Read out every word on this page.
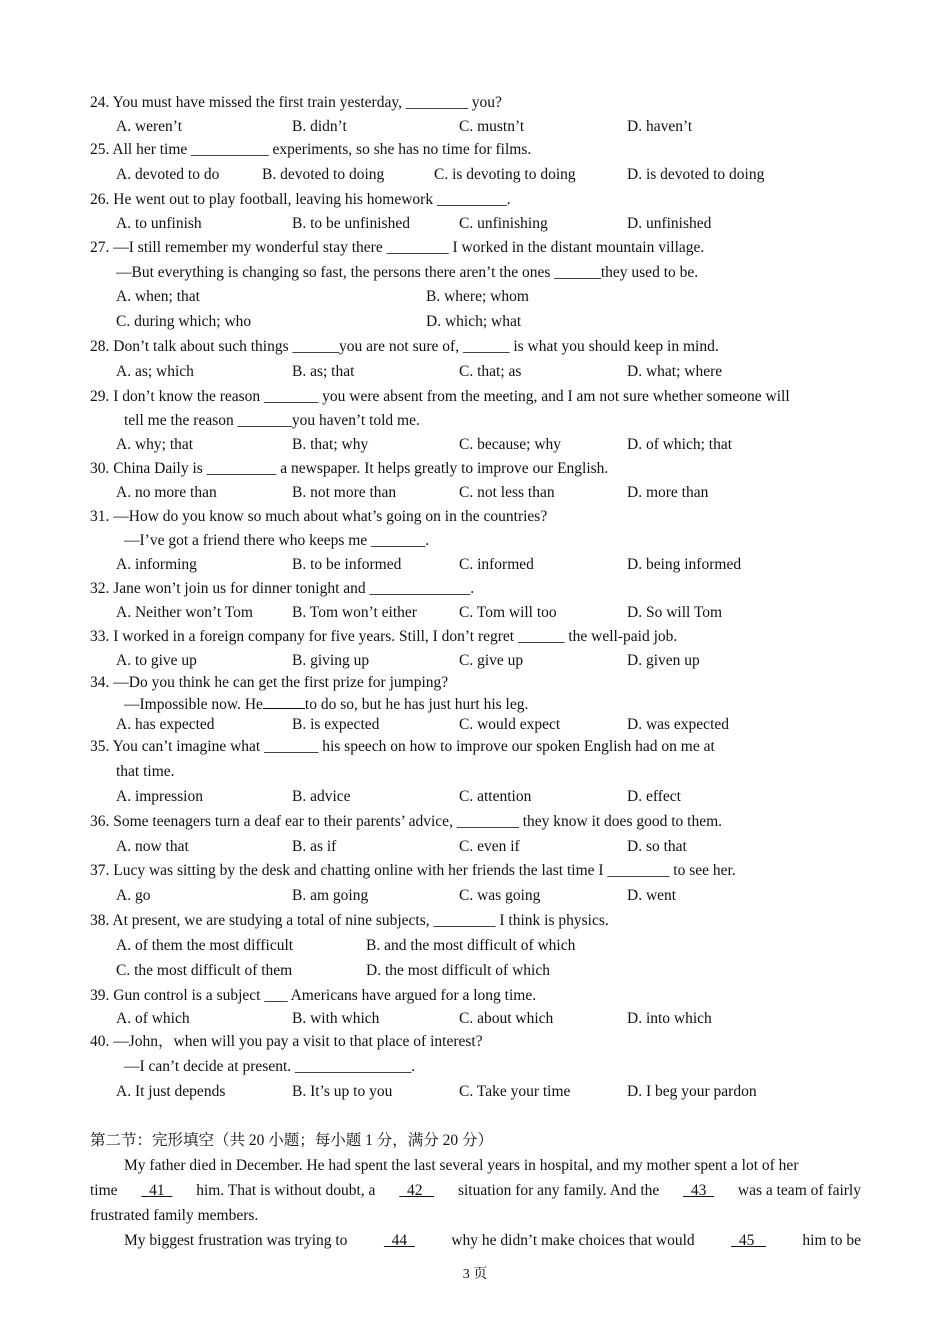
24. You must have missed the first train yesterday, ________ you?
A. weren’t	B. didn’t	C. mustn’t	D. haven’t
25. All her time __________ experiments, so she has no time for films.
A. devoted to do	B. devoted to doing	C. is devoting to doing	D. is devoted to doing
26. He went out to play football, leaving his homework _________.
A. to unfinish	B. to be unfinished	C. unfinishing	D. unfinished
27. —I still remember my wonderful stay there ________ I worked in the distant mountain village.
—But everything is changing so fast, the persons there aren’t the ones ______they used to be.
A. when; that	B. where; whom
C. during which; who	D. which; what
28. Don’t talk about such things ______you are not sure of, ______ is what you should keep in mind.
A. as; which	B. as; that	C. that; as	D. what; where
29. I don’t know the reason _______ you were absent from the meeting, and I am not sure whether someone will
tell me the reason _______you haven’t told me.
A. why; that	B. that; why	C. because; why	D. of which; that
30. China Daily is _________ a newspaper. It helps greatly to improve our English.
A. no more than	B. not more than	C. not less than	D. more than
31. —How do you know so much about what’s going on in the countries?
—I’ve got a friend there who keeps me _______.
A. informing	B. to be informed	C. informed	D. being informed
32. Jane won’t join us for dinner tonight and _____________.
A. Neither won’t Tom	B. Tom won’t either	C. Tom will too	D. So will Tom
33. I worked in a foreign company for five years. Still, I don’t regret ______ the well-paid job.
A. to give up	B. giving up	C. give up	D. given up
34. —Do you think he can get the first prize for jumping?
—Impossible now. He	to do so, but he has just hurt his leg.
A. has expected	B. is expected	C. would expect	D. was expected
35. You can’t imagine what _______ his speech on how to improve our spoken English had on me at
that time.
A. impression	B. advice	C. attention	D. effect
36. Some teenagers turn a deaf ear to their parents’ advice, ________ they know it does good to them.
A. now that	B. as if	C. even if	D. so that
37. Lucy was sitting by the desk and chatting online with her friends the last time I ________ to see her.
A. go	B. am going	C. was going	D. went
38. At present, we are studying a total of nine subjects, ________ I think is physics.
A. of them the most difficult	B. and the most difficult of which
C. the most difficult of them	D. the most difficult of which
39. Gun control is a subject ___ Americans have argued for a long time.
A. of which	B. with which	C. about which	D. into which
40. —John，when will you pay a visit to that place of interest?
—I can’t decide at present. _______________.
A. It just depends	B. It’s up to you	C. Take your time	D. I beg your pardon
第二节：完形填空（共 20 小题；每小题 1 分，满分 20 分）
My father died in December. He had spent the last several years in hospital, and my mother spent a lot of her
time	41	him. That is without doubt, a	42	situation for any family. And the	43	was a team of fairly
frustrated family members.
My biggest frustration was trying to	44	why he didn’t make choices that would	45	him to be
3 页
